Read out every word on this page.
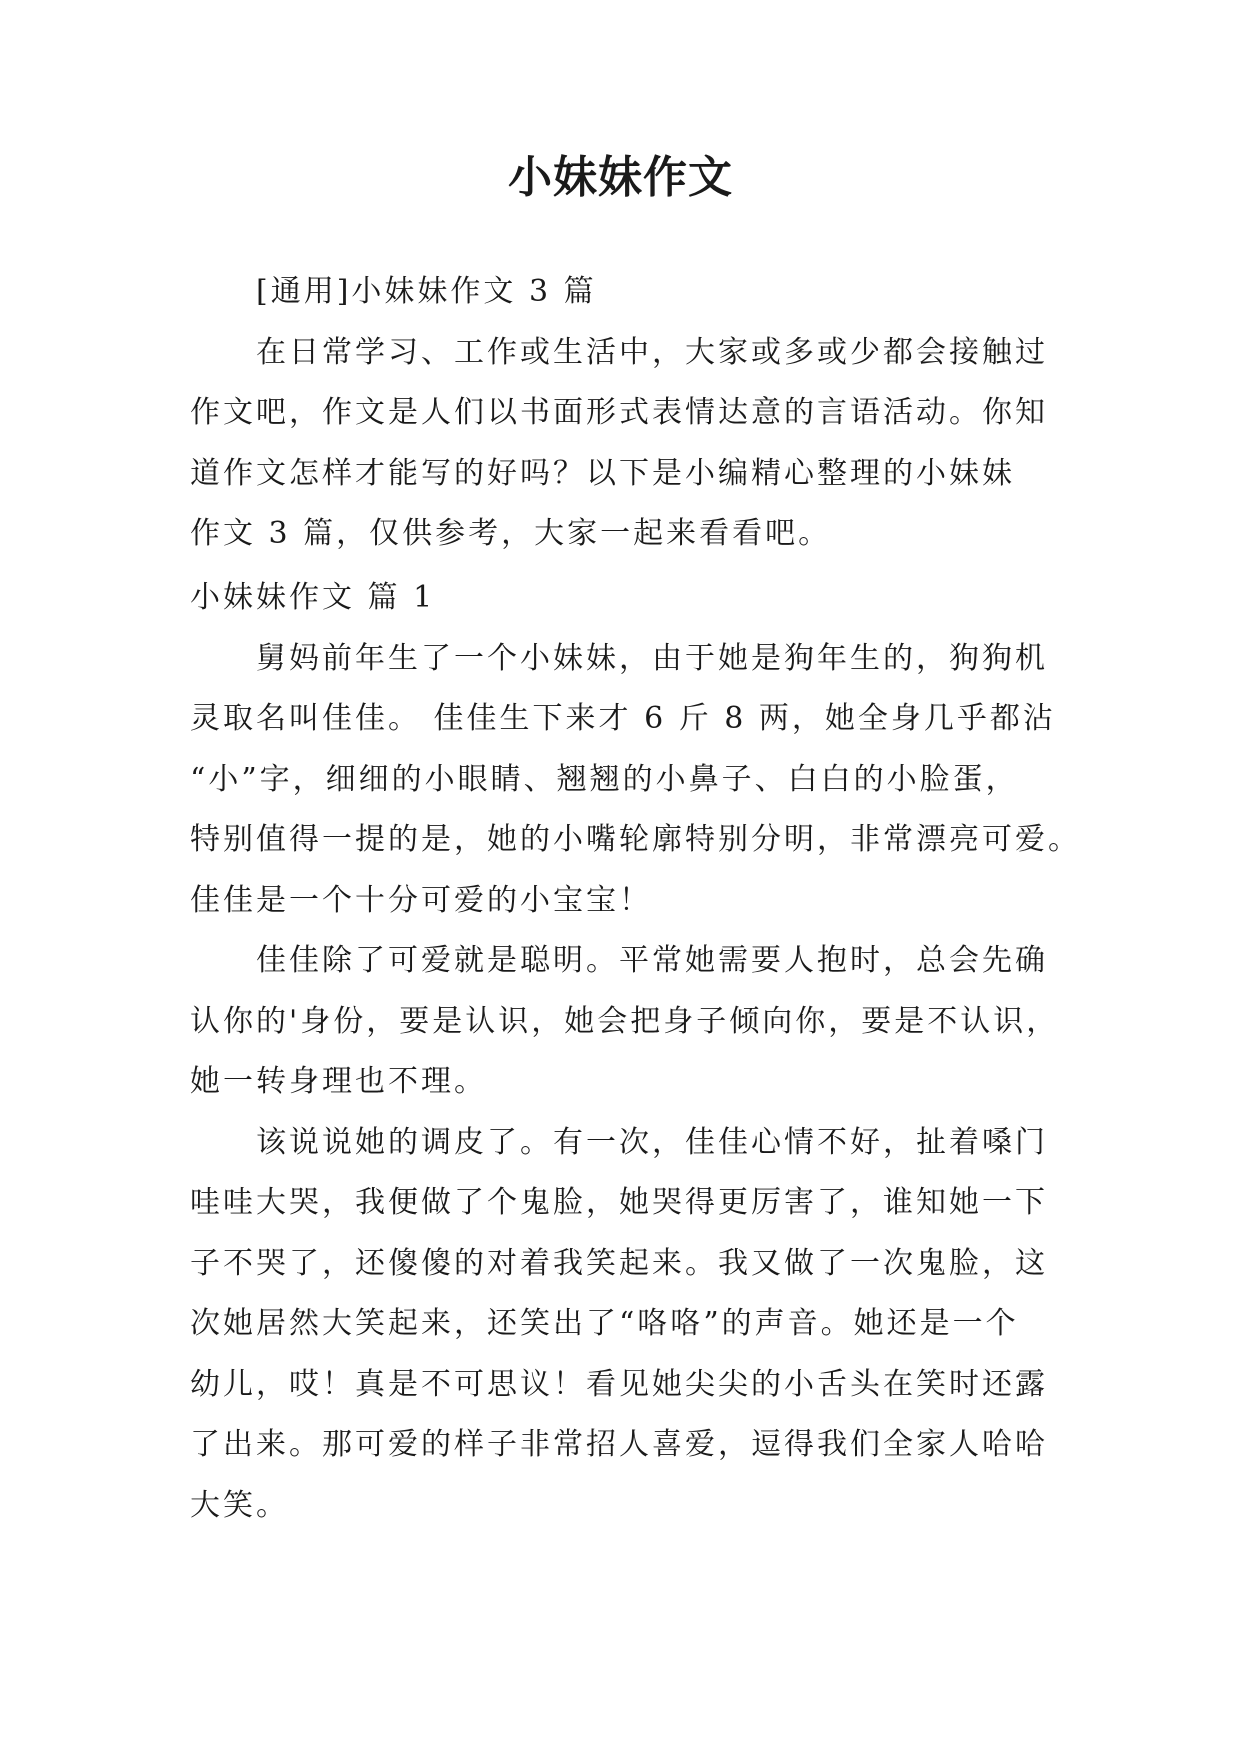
小妹妹作文
[通用]小妹妹作文 3 篇
在日常学习、工作或生活中，大家或多或少都会接触过
作文吧，作文是人们以书面形式表情达意的言语活动。你知
道作文怎样才能写的好吗？以下是小编精心整理的小妹妹
作文 3 篇，仅供参考，大家一起来看看吧。
小妹妹作文 篇 1
舅妈前年生了一个小妹妹，由于她是狗年生的，狗狗机
灵取名叫佳佳。 佳佳生下来才 6 斤 8 两，她全身几乎都沾
“小”字，细细的小眼睛、翘翘的小鼻子、白白的小脸蛋，
特别值得一提的是，她的小嘴轮廓特别分明，非常漂亮可爱。
佳佳是一个十分可爱的小宝宝！
佳佳除了可爱就是聪明。平常她需要人抱时，总会先确
认你的'身份，要是认识，她会把身子倾向你，要是不认识，
她一转身理也不理。
该说说她的调皮了。有一次，佳佳心情不好，扯着嗓门
哇哇大哭，我便做了个鬼脸，她哭得更厉害了，谁知她一下
子不哭了，还傻傻的对着我笑起来。我又做了一次鬼脸，这
次她居然大笑起来，还笑出了“咯咯”的声音。她还是一个
幼儿，哎！真是不可思议！看见她尖尖的小舌头在笑时还露
了出来。那可爱的样子非常招人喜爱，逗得我们全家人哈哈
大笑。
